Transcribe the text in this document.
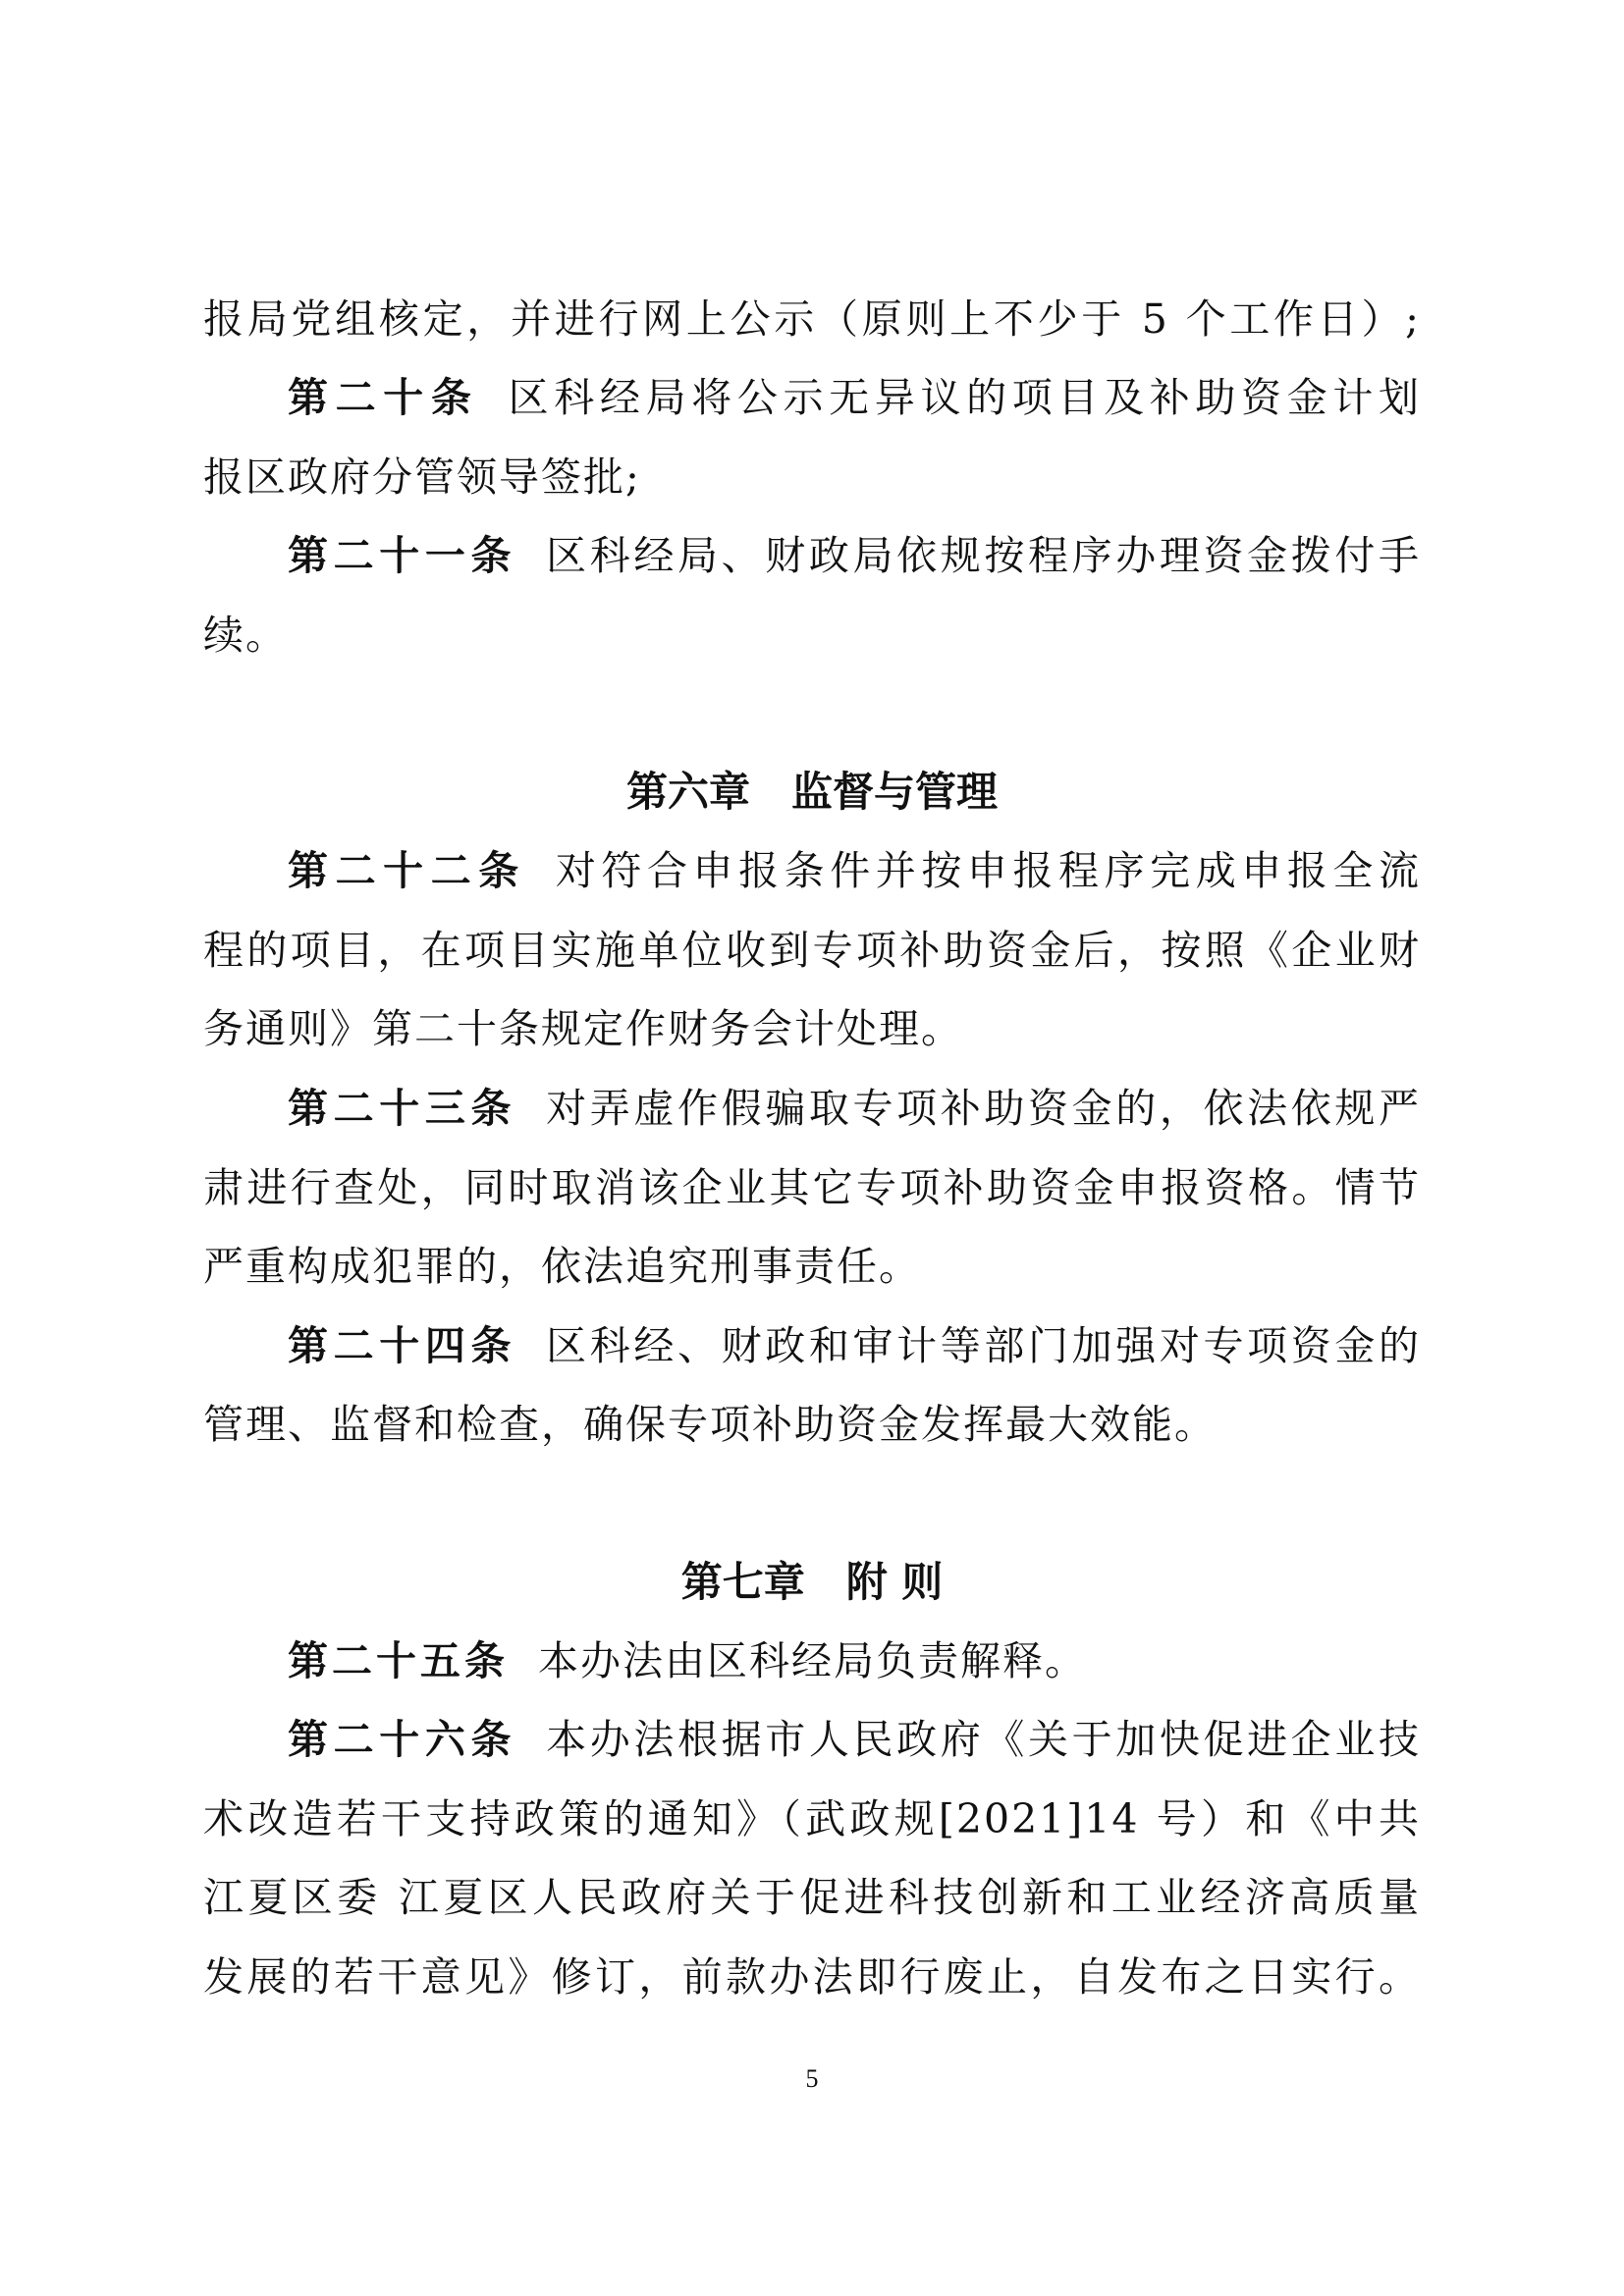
报局党组核定，并进行网上公示（原则上不少于 5 个工作日）;
第二十条 区科经局将公示无异议的项目及补助资金计划
报区政府分管领导签批;
第二十一条 区科经局、财政局依规按程序办理资金拨付手
续。
第六章　监督与管理
第二十二条 对符合申报条件并按申报程序完成申报全流
程的项目，在项目实施单位收到专项补助资金后，按照《企业财
务通则》第二十条规定作财务会计处理。
第二十三条 对弄虚作假骗取专项补助资金的，依法依规严
肃进行查处，同时取消该企业其它专项补助资金申报资格。情节
严重构成犯罪的，依法追究刑事责任。
第二十四条 区科经、财政和审计等部门加强对专项资金的
管理、监督和检查，确保专项补助资金发挥最大效能。
第七章　附 则
第二十五条 本办法由区科经局负责解释。
第二十六条 本办法根据市人民政府《关于加快促进企业技
术改造若干支持政策的通知》（武政规[2021]14 号）和《中共
江夏区委 江夏区人民政府关于促进科技创新和工业经济高质量
发展的若干意见》修订，前款办法即行废止，自发布之日实行。
5
